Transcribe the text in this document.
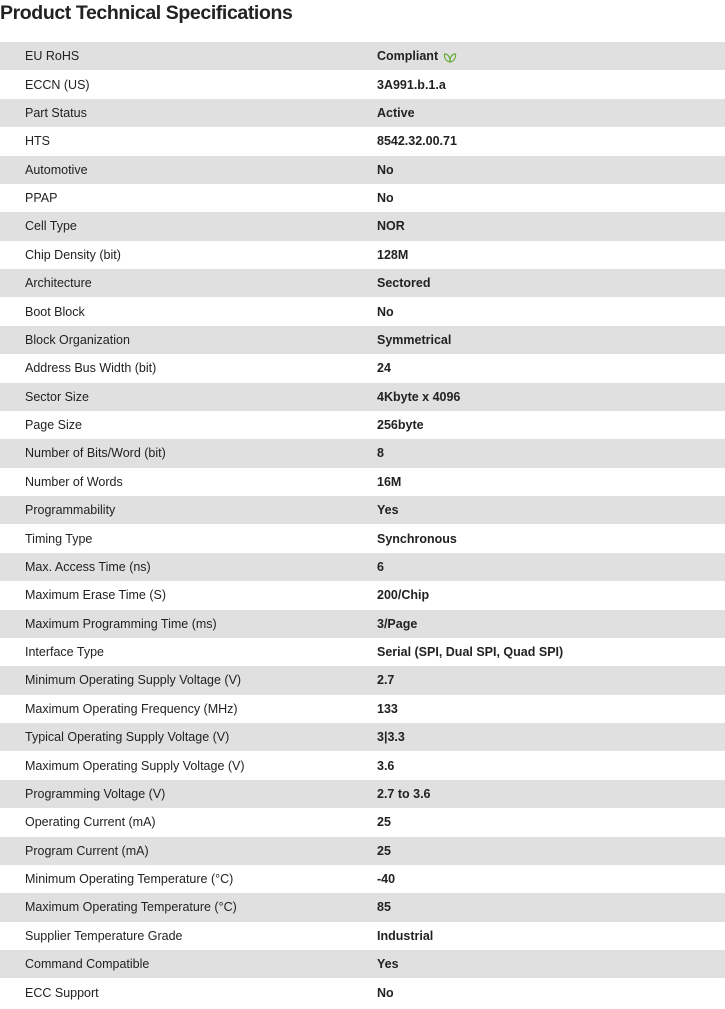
Product Technical Specifications
EU RoHS	Compliant
ECCN (US)	3A991.b.1.a
Part Status	Active
HTS	8542.32.00.71
Automotive	No
PPAP	No
Cell Type	NOR
Chip Density (bit)	128M
Architecture	Sectored
Boot Block	No
Block Organization	Symmetrical
Address Bus Width (bit)	24
Sector Size	4Kbyte x 4096
Page Size	256byte
Number of Bits/Word (bit)	8
Number of Words	16M
Programmability	Yes
Timing Type	Synchronous
Max. Access Time (ns)	6
Maximum Erase Time (S)	200/Chip
Maximum Programming Time (ms)	3/Page
Interface Type	Serial (SPI, Dual SPI, Quad SPI)
Minimum Operating Supply Voltage (V)	2.7
Maximum Operating Frequency (MHz)	133
Typical Operating Supply Voltage (V)	3|3.3
Maximum Operating Supply Voltage (V)	3.6
Programming Voltage (V)	2.7 to 3.6
Operating Current (mA)	25
Program Current (mA)	25
Minimum Operating Temperature (°C)	-40
Maximum Operating Temperature (°C)	85
Supplier Temperature Grade	Industrial
Command Compatible	Yes
ECC Support	No
